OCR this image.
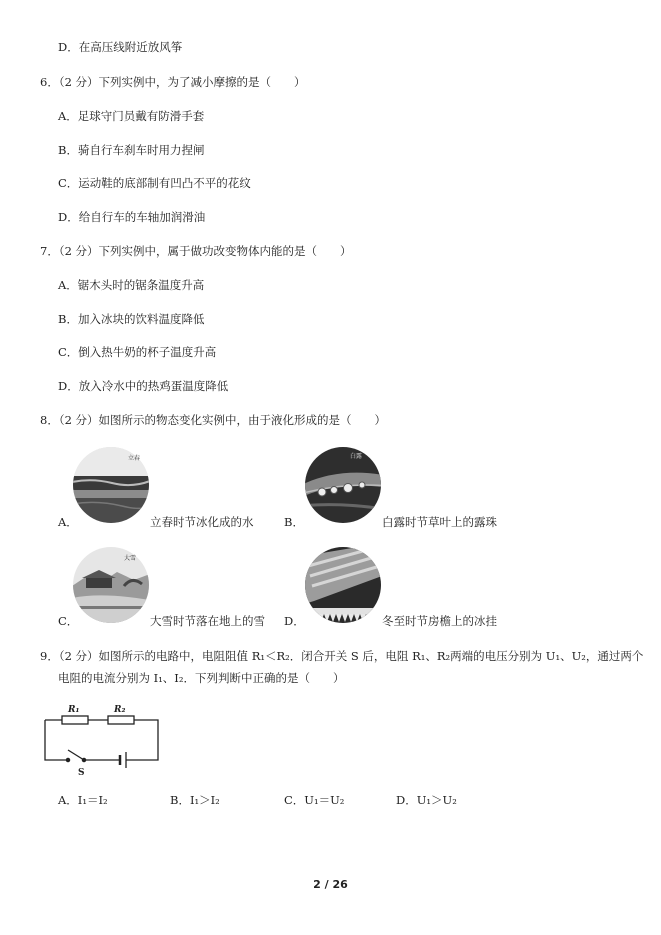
D．在高压线附近放风筝
6．（2 分）下列实例中，为了减小摩擦的是（　　）
A．足球守门员戴有防滑手套
B．骑自行车刹车时用力捏闸
C．运动鞋的底部制有凹凸不平的花纹
D．给自行车的车轴加润滑油
7．（2 分）下列实例中，属于做功改变物体内能的是（　　）
A．锯木头时的锯条温度升高
B．加入冰块的饮料温度降低
C．倒入热牛奶的杯子温度升高
D．放入冷水中的热鸡蛋温度降低
8．（2 分）如图所示的物态变化实例中，由于液化形成的是（　　）
立春
A．	立春时节冰化成的水
白露
B．	白露时节草叶上的露珠
大雪
C．	大雪时节落在地上的雪 D．	冬至时节房檐上的冰挂
9．（2 分）如图所示的电路中，电阻阻值 R₁＜R₂．闭合开关 S 后，电阻 R₁、R₂两端的电压分别为 U₁、U₂，通过两个
电阻的电流分别为 I₁、I₂．下列判断中正确的是（　　）
R₁	R₂
S
A．I₁＝I₂	B．I₁＞I₂	C．U₁＝U₂	D．U₁＞U₂
2 / 26
